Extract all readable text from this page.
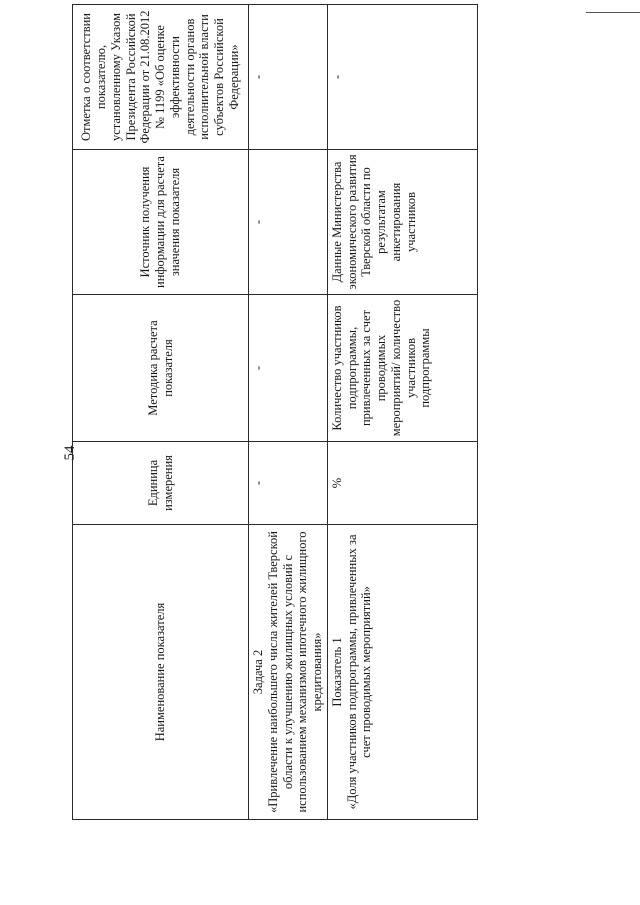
54
Наименование показателя	Единица измерения	Методика расчета показателя	Источник получения информации для расчета значения показателя	Отметка о соответствии показателю, установленному Указом Президента Российской Федерации от 21.08.2012 № 1199 «Об оценке эффективности деятельности органов исполнительной власти субъектов Российской Федерации»

Задача 2 «Привлечение наибольшего числа жителей Тверской области к улучшению жилищных условий с использованием механизмов ипотечного жилищного кредитования»	-	-	-	-

Показатель 1 «Доля участников подпрограммы, привлеченных за счет проводимых мероприятий»	%	Количество участников подпрограммы, привлеченных за счет проводимых мероприятий/ количество участников подпрограммы	Данные Министерства экономического развития Тверской области по результатам анкетирования участников	-
